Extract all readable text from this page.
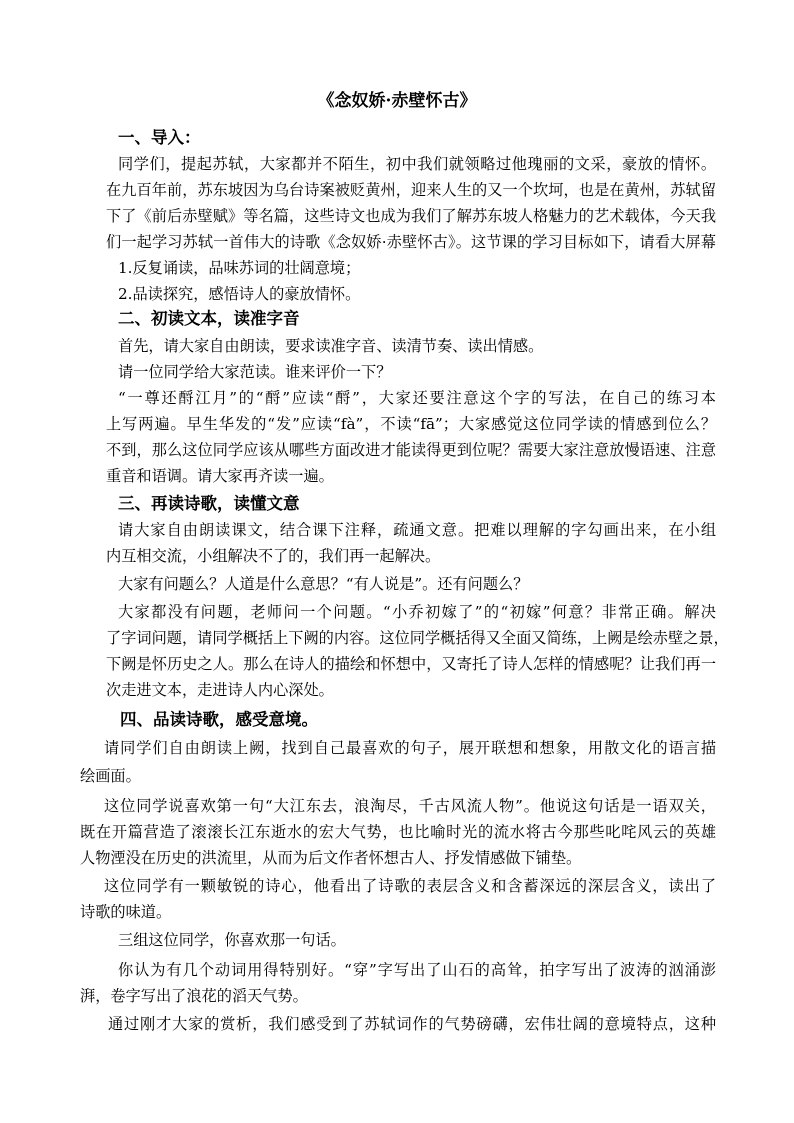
《念奴娇·赤壁怀古》
一、导入：
同学们，提起苏轼，大家都并不陌生，初中我们就领略过他瑰丽的文采，豪放的情怀。
在九百年前，苏东坡因为乌台诗案被贬黄州，迎来人生的又一个坎坷，也是在黄州，苏轼留
下了《前后赤壁赋》等名篇，这些诗文也成为我们了解苏东坡人格魅力的艺术载体，今天我
们一起学习苏轼一首伟大的诗歌《念奴娇·赤壁怀古》。这节课的学习目标如下，请看大屏幕
1.反复诵读，品味苏词的壮阔意境；
2.品读探究，感悟诗人的豪放情怀。
二、初读文本，读准字音
首先，请大家自由朗读，要求读准字音、读清节奏、读出情感。
请一位同学给大家范读。谁来评价一下？
“一尊还酹江月”的“酹”应读“酹”，大家还要注意这个字的写法，在自己的练习本
上写两遍。早生华发的“发”应读“fà”，不读“fā”；大家感觉这位同学读的情感到位么？
不到，那么这位同学应该从哪些方面改进才能读得更到位呢？需要大家注意放慢语速、注意
重音和语调。请大家再齐读一遍。
三、再读诗歌，读懂文意
请大家自由朗读课文，结合课下注释，疏通文意。把难以理解的字勾画出来，在小组
内互相交流，小组解决不了的，我们再一起解决。
大家有问题么？人道是什么意思？“有人说是”。还有问题么？
大家都没有问题，老师问一个问题。“小乔初嫁了”的“初嫁”何意？非常正确。解决
了字词问题，请同学概括上下阙的内容。这位同学概括得又全面又简练，上阙是绘赤壁之景，
下阙是怀历史之人。那么在诗人的描绘和怀想中，又寄托了诗人怎样的情感呢？让我们再一
次走进文本，走进诗人内心深处。
四、品读诗歌，感受意境。
请同学们自由朗读上阙，找到自己最喜欢的句子，展开联想和想象，用散文化的语言描
绘画面。
这位同学说喜欢第一句“大江东去，浪淘尽，千古风流人物”。他说这句话是一语双关，
既在开篇营造了滚滚长江东逝水的宏大气势，也比喻时光的流水将古今那些叱咤风云的英雄
人物湮没在历史的洪流里，从而为后文作者怀想古人、抒发情感做下铺垫。
这位同学有一颗敏锐的诗心，他看出了诗歌的表层含义和含蓄深远的深层含义，读出了
诗歌的味道。
三组这位同学，你喜欢那一句话。
你认为有几个动词用得特别好。“穿”字写出了山石的高耸，拍字写出了波涛的汹涌澎
湃，卷字写出了浪花的滔天气势。
通过刚才大家的赏析，我们感受到了苏轼词作的气势磅礴，宏伟壮阔的意境特点，这种
